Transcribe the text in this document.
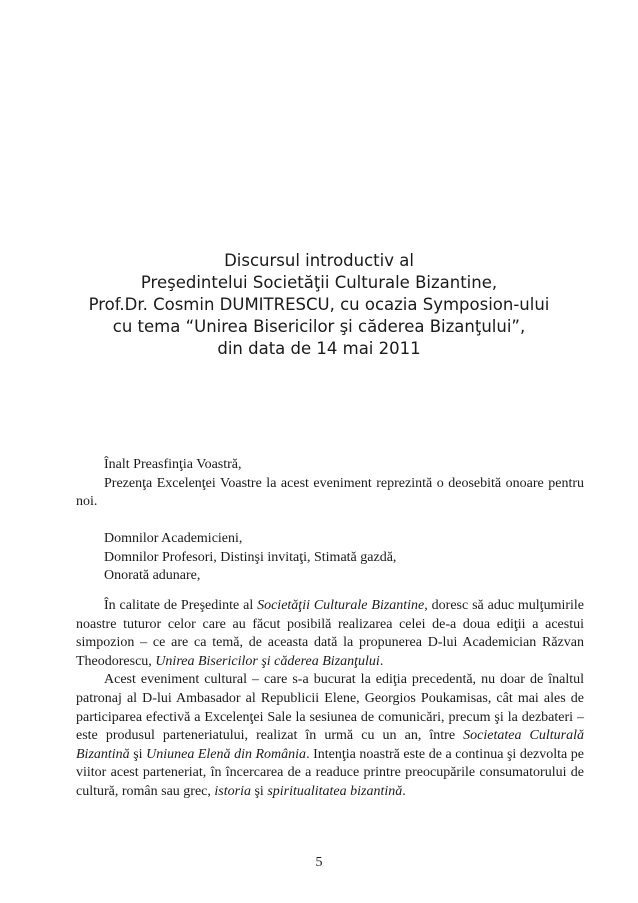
Discursul introductiv al
Preşedintelui Societăţii Culturale Bizantine,
Prof.Dr. Cosmin DUMITRESCU, cu ocazia Symposion-ului
cu tema “Unirea Bisericilor şi căderea Bizanţului”,
din data de 14 mai 2011
Înalt Preasfinţia Voastră,

Prezenţa Excelenţei Voastre la acest eveniment reprezintă o deosebită onoare pentru noi.

Domnilor Academicieni,
Domnilor Profesori, Distinşi invitaţi, Stimată gazdă,
Onorată adunare,

În calitate de Preşedinte al Societăţii Culturale Bizantine, doresc să aduc mulţumirile noastre tuturor celor care au făcut posibilă realizarea celei de-a doua ediţii a acestui simpozion – ce are ca temă, de aceasta dată la propunerea D-lui Academician Răzvan Theodorescu, Unirea Bisericilor şi căderea Bizanţului.

Acest eveniment cultural – care s-a bucurat la ediţia precedentă, nu doar de înaltul patronaj al D-lui Ambasador al Republicii Elene, Georgios Poukamisas, cât mai ales de participarea efectivă a Excelenţei Sale la sesiunea de comunicări, precum şi la dezbateri – este produsul parteneriatului, realizat în urmă cu un an, între Societatea Culturală Bizantină şi Uniunea Elenă din România. Intenţia noastră este de a continua şi dezvolta pe viitor acest parteneriat, în încercarea de a readuce printre preocupările consumatorului de cultură, român sau grec, istoria şi spiritualitatea bizantină.

5
